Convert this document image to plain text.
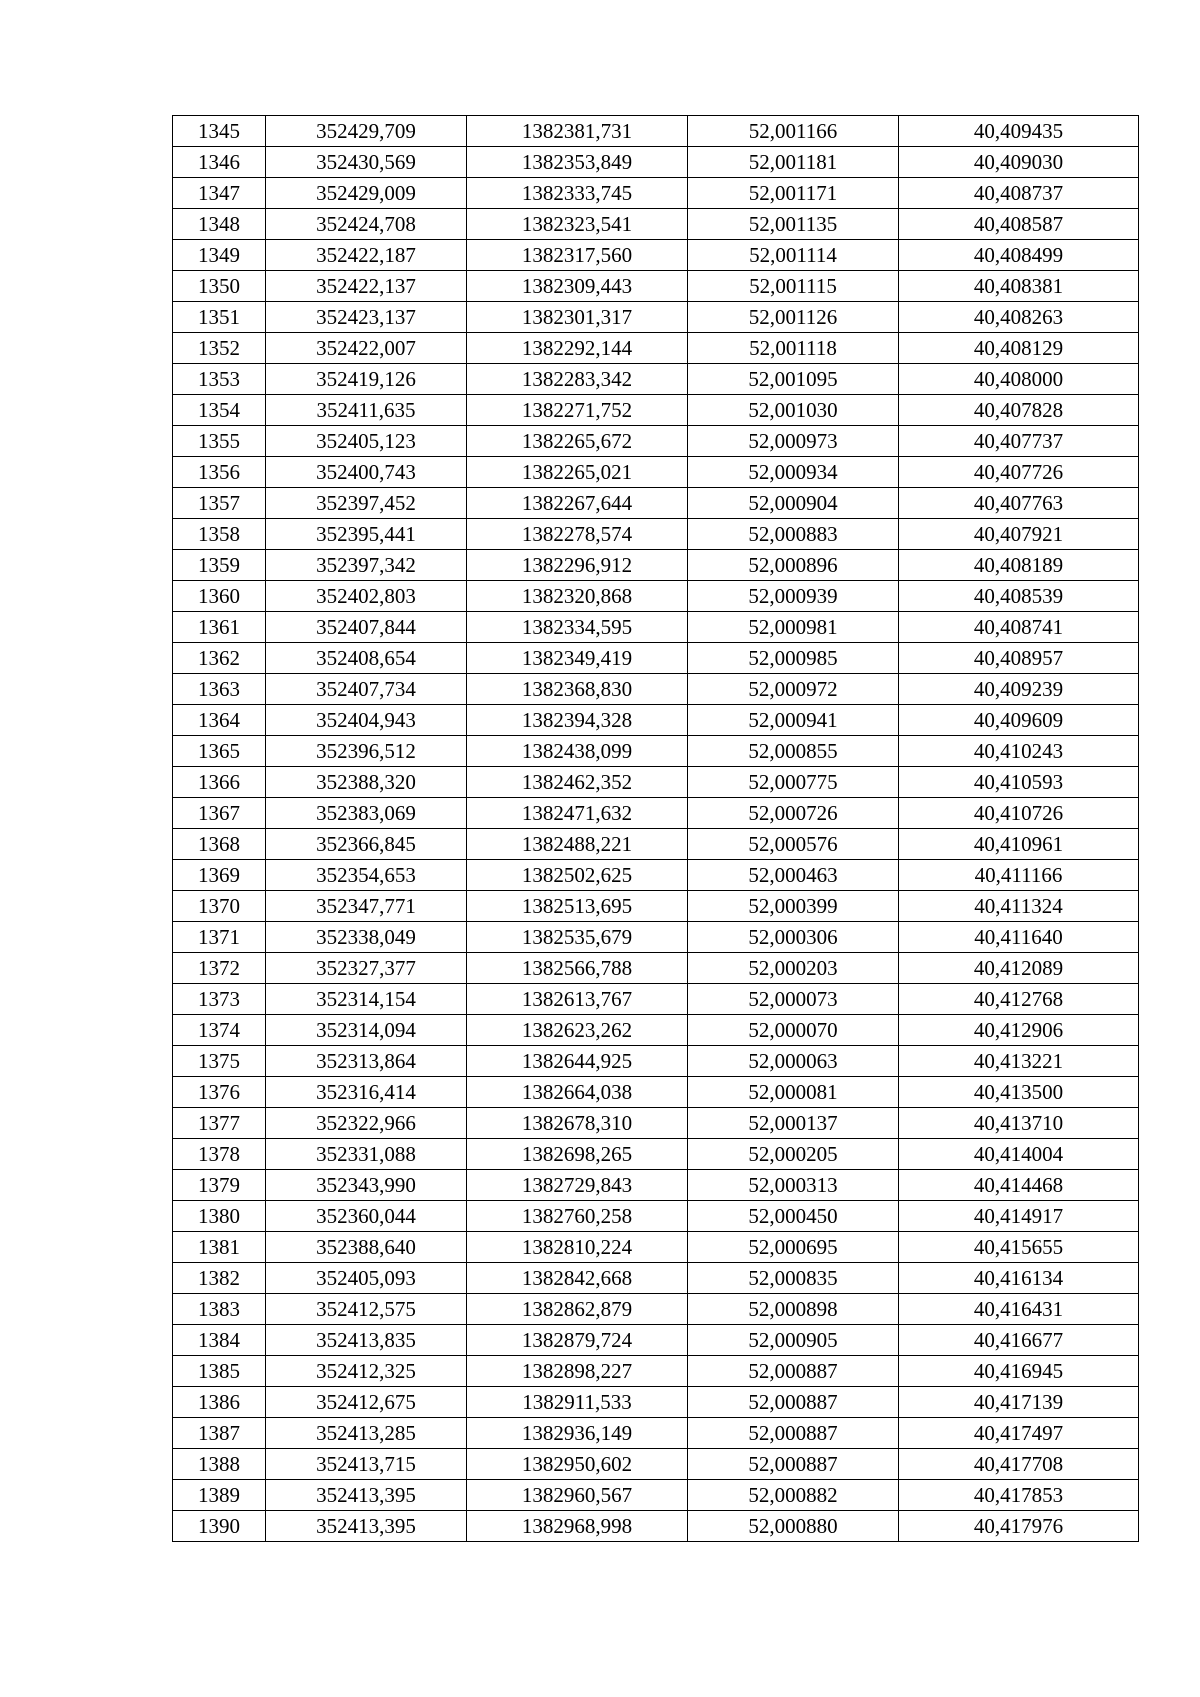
1345	352429,709	1382381,731	52,001166	40,409435
1346	352430,569	1382353,849	52,001181	40,409030
1347	352429,009	1382333,745	52,001171	40,408737
1348	352424,708	1382323,541	52,001135	40,408587
1349	352422,187	1382317,560	52,001114	40,408499
1350	352422,137	1382309,443	52,001115	40,408381
1351	352423,137	1382301,317	52,001126	40,408263
1352	352422,007	1382292,144	52,001118	40,408129
1353	352419,126	1382283,342	52,001095	40,408000
1354	352411,635	1382271,752	52,001030	40,407828
1355	352405,123	1382265,672	52,000973	40,407737
1356	352400,743	1382265,021	52,000934	40,407726
1357	352397,452	1382267,644	52,000904	40,407763
1358	352395,441	1382278,574	52,000883	40,407921
1359	352397,342	1382296,912	52,000896	40,408189
1360	352402,803	1382320,868	52,000939	40,408539
1361	352407,844	1382334,595	52,000981	40,408741
1362	352408,654	1382349,419	52,000985	40,408957
1363	352407,734	1382368,830	52,000972	40,409239
1364	352404,943	1382394,328	52,000941	40,409609
1365	352396,512	1382438,099	52,000855	40,410243
1366	352388,320	1382462,352	52,000775	40,410593
1367	352383,069	1382471,632	52,000726	40,410726
1368	352366,845	1382488,221	52,000576	40,410961
1369	352354,653	1382502,625	52,000463	40,411166
1370	352347,771	1382513,695	52,000399	40,411324
1371	352338,049	1382535,679	52,000306	40,411640
1372	352327,377	1382566,788	52,000203	40,412089
1373	352314,154	1382613,767	52,000073	40,412768
1374	352314,094	1382623,262	52,000070	40,412906
1375	352313,864	1382644,925	52,000063	40,413221
1376	352316,414	1382664,038	52,000081	40,413500
1377	352322,966	1382678,310	52,000137	40,413710
1378	352331,088	1382698,265	52,000205	40,414004
1379	352343,990	1382729,843	52,000313	40,414468
1380	352360,044	1382760,258	52,000450	40,414917
1381	352388,640	1382810,224	52,000695	40,415655
1382	352405,093	1382842,668	52,000835	40,416134
1383	352412,575	1382862,879	52,000898	40,416431
1384	352413,835	1382879,724	52,000905	40,416677
1385	352412,325	1382898,227	52,000887	40,416945
1386	352412,675	1382911,533	52,000887	40,417139
1387	352413,285	1382936,149	52,000887	40,417497
1388	352413,715	1382950,602	52,000887	40,417708
1389	352413,395	1382960,567	52,000882	40,417853
1390	352413,395	1382968,998	52,000880	40,417976
